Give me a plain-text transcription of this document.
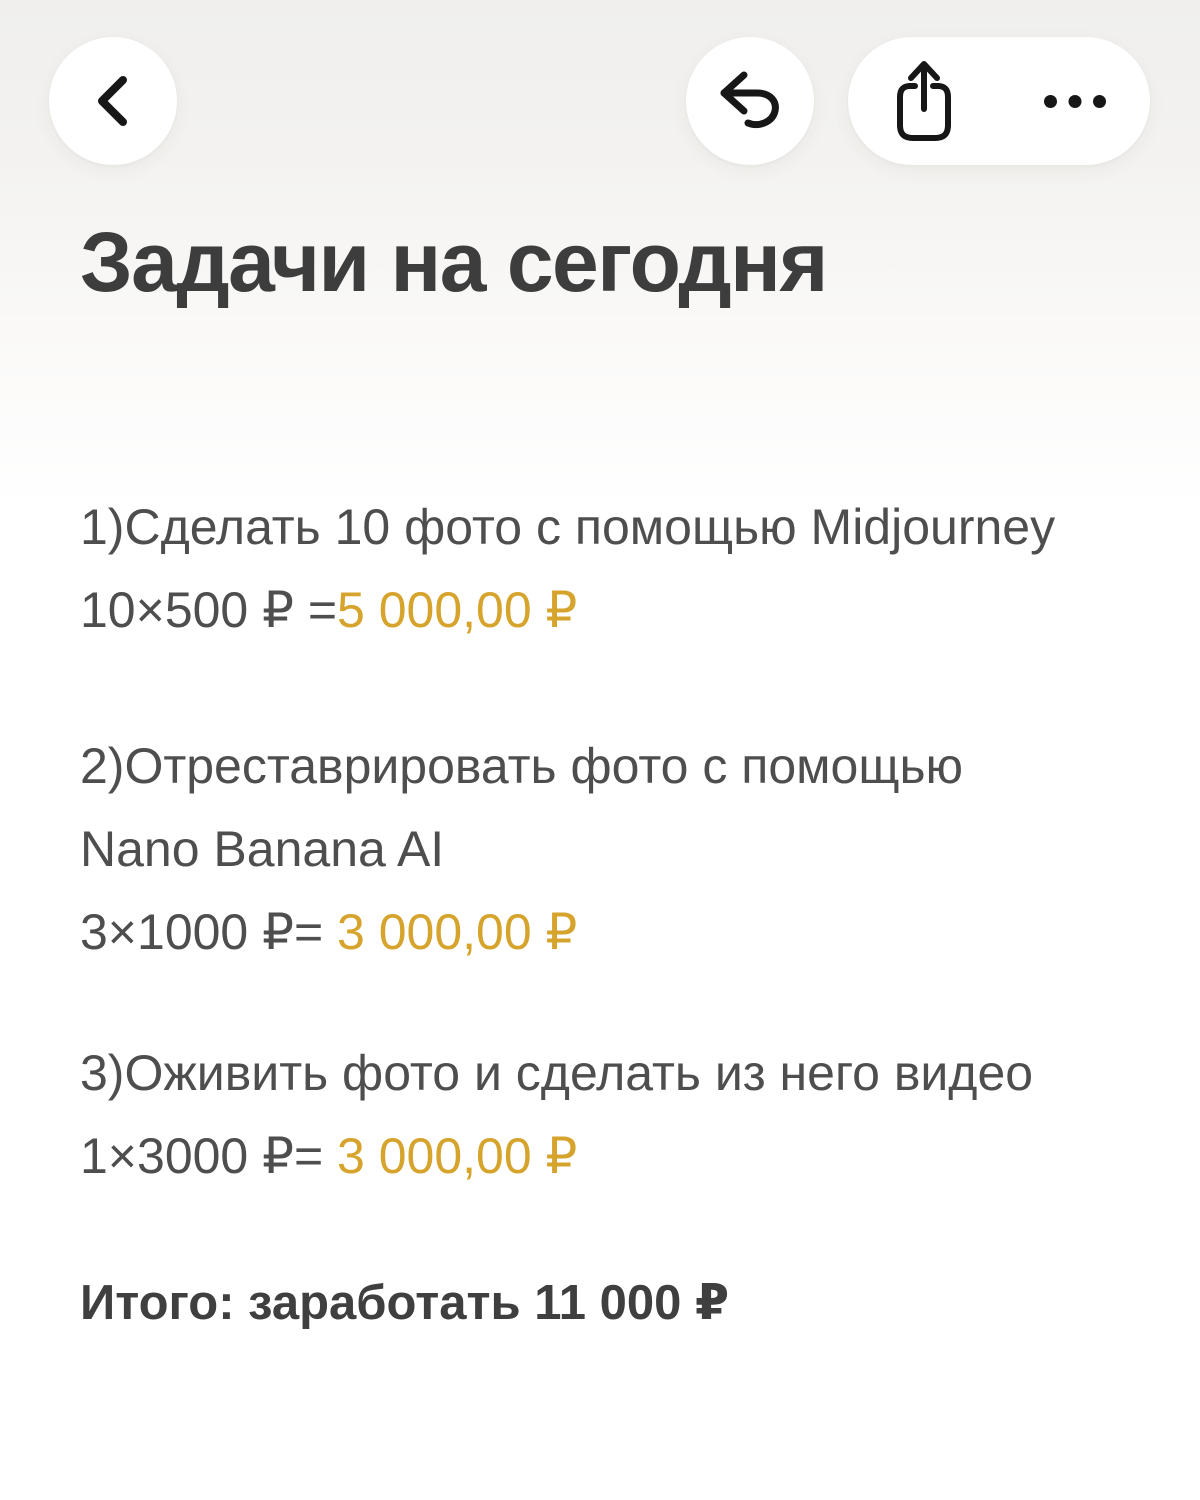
Задачи на сегодня
1)Сделать 10 фото с помощью Midjourney
10×500 ₽ =5 000,00 ₽
2)Отреставрировать фото с помощью
Nano Banana AI
3×1000 ₽= 3 000,00 ₽
3)Оживить фото и сделать из него видео
1×3000 ₽= 3 000,00 ₽
Итого: заработать 11 000 ₽
